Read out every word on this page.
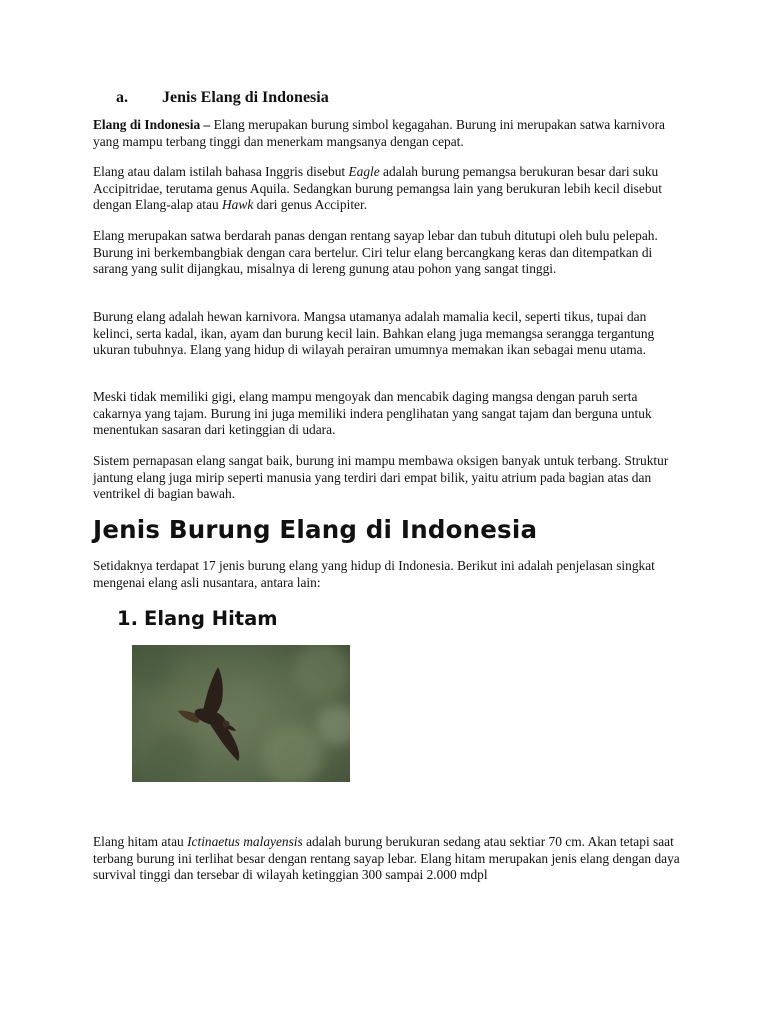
a. Jenis Elang di Indonesia

Elang di Indonesia – Elang merupakan burung simbol kegagahan. Burung ini merupakan satwa karnivora yang mampu terbang tinggi dan menerkam mangsanya dengan cepat.

Elang atau dalam istilah bahasa Inggris disebut Eagle adalah burung pemangsa berukuran besar dari suku Accipitridae, terutama genus Aquila. Sedangkan burung pemangsa lain yang berukuran lebih kecil disebut dengan Elang-alap atau Hawk dari genus Accipiter.

Elang merupakan satwa berdarah panas dengan rentang sayap lebar dan tubuh ditutupi oleh bulu pelepah. Burung ini berkembangbiak dengan cara bertelur. Ciri telur elang bercangkang keras dan ditempatkan di sarang yang sulit dijangkau, misalnya di lereng gunung atau pohon yang sangat tinggi.

Burung elang adalah hewan karnivora. Mangsa utamanya adalah mamalia kecil, seperti tikus, tupai dan kelinci, serta kadal, ikan, ayam dan burung kecil lain. Bahkan elang juga memangsa serangga tergantung ukuran tubuhnya. Elang yang hidup di wilayah perairan umumnya memakan ikan sebagai menu utama.

Meski tidak memiliki gigi, elang mampu mengoyak dan mencabik daging mangsa dengan paruh serta cakarnya yang tajam. Burung ini juga memiliki indera penglihatan yang sangat tajam dan berguna untuk menentukan sasaran dari ketinggian di udara.

Sistem pernapasan elang sangat baik, burung ini mampu membawa oksigen banyak untuk terbang. Struktur jantung elang juga mirip seperti manusia yang terdiri dari empat bilik, yaitu atrium pada bagian atas dan ventrikel di bagian bawah.

Jenis Burung Elang di Indonesia

Setidaknya terdapat 17 jenis burung elang yang hidup di Indonesia. Berikut ini adalah penjelasan singkat mengenai elang asli nusantara, antara lain:

1. Elang Hitam

Elang hitam atau Ictinaetus malayensis adalah burung berukuran sedang atau sektiar 70 cm. Akan tetapi saat terbang burung ini terlihat besar dengan rentang sayap lebar. Elang hitam merupakan jenis elang dengan daya survival tinggi dan tersebar di wilayah ketinggian 300 sampai 2.000 mdpl
